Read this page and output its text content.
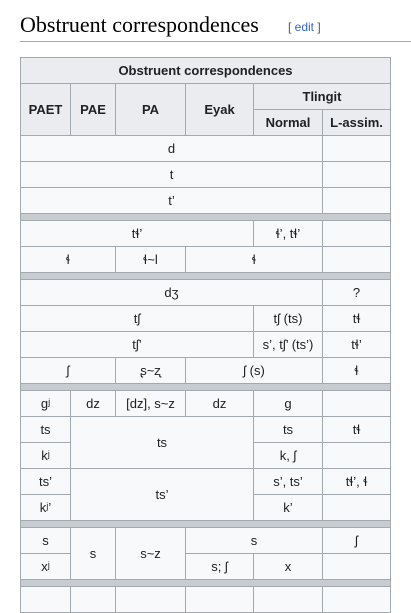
Obstruent correspondences [ edit ]
Obstruent correspondences					
PAET	PAE	PA	Eyak	Tlingit	
				Normal	L-assim.
d					
t					
t’					

tɬ’				ɬ’, tɬ’	
ɬ		ɬ~l	ɬ		

dʒ					?
tʃ				tʃ (ts)	tɬ
tʃ’				s’, tʃ’ (ts’)	tɬ’
ʃ		ʂ~ʐ	ʃ (s)		ɬ

gʲ	dz	[dz], s~z	dz	g	
ts	ts			ts	tɬ
kʲ				k, ʃ	
ts’	ts’			s’, ts’	tɬ’, ɬ
kʲ’				k’	

s	s	s~z	s		ʃ
xʲ			s; ʃ	x	
